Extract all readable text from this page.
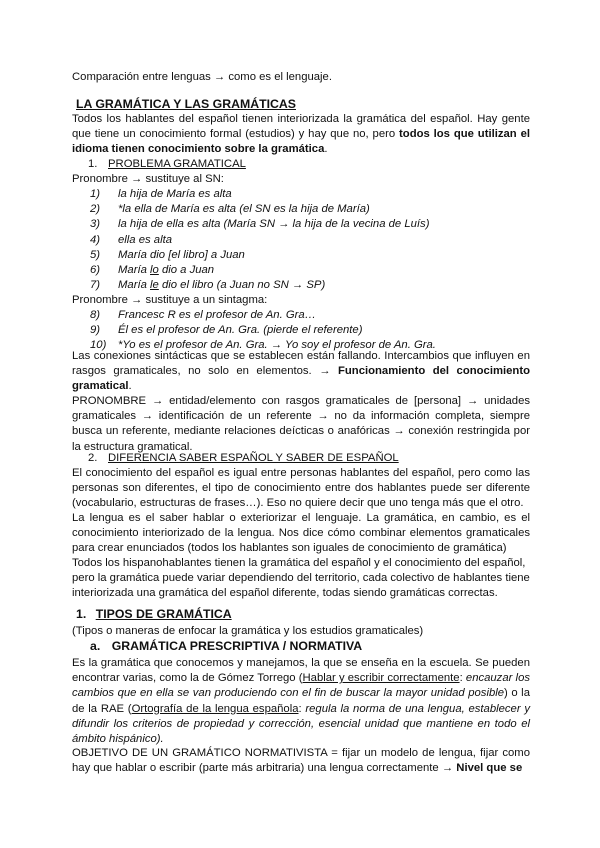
Comparación entre lenguas → como es el lenguaje.
LA GRAMÁTICA Y LAS GRAMÁTICAS
Todos los hablantes del español tienen interiorizada la gramática del español. Hay gente que tiene un conocimiento formal (estudios) y hay que no, pero todos los que utilizan el idioma tienen conocimiento sobre la gramática.
1. PROBLEMA GRAMATICAL
Pronombre → sustituye al SN:
1) la hija de María es alta
2) *la ella de María es alta (el SN es la hija de María)
3) la hija de ella es alta (María SN → la hija de la vecina de Luís)
4) ella es alta
5) María dio [el libro] a Juan
6) María lo dio a Juan
7) María le dio el libro (a Juan no SN → SP)
Pronombre → sustituye a un sintagma:
8) Francesc R es el profesor de An. Gra…
9) Él es el profesor de An. Gra. (pierde el referente)
10) *Yo es el profesor de An. Gra. → Yo soy el profesor de An. Gra.
Las conexiones sintácticas que se establecen están fallando. Intercambios que influyen en rasgos gramaticales, no solo en elementos. → Funcionamiento del conocimiento gramatical.
PRONOMBRE → entidad/elemento con rasgos gramaticales de [persona] → unidades gramaticales → identificación de un referente → no da información completa, siempre busca un referente, mediante relaciones deícticas o anafóricas → conexión restringida por la estructura gramatical.
2. DIFERENCIA SABER ESPAÑOL Y SABER DE ESPAÑOL
El conocimiento del español es igual entre personas hablantes del español, pero como las personas son diferentes, el tipo de conocimiento entre dos hablantes puede ser diferente (vocabulario, estructuras de frases…). Eso no quiere decir que uno tenga más que el otro.
La lengua es el saber hablar o exteriorizar el lenguaje. La gramática, en cambio, es el conocimiento interiorizado de la lengua. Nos dice cómo combinar elementos gramaticales para crear enunciados (todos los hablantes son iguales de conocimiento de gramática)
Todos los hispanohablantes tienen la gramática del español y el conocimiento del español, pero la gramática puede variar dependiendo del territorio, cada colectivo de hablantes tiene interiorizada una gramática del español diferente, todas siendo gramáticas correctas.
1. TIPOS DE GRAMÁTICA
(Tipos o maneras de enfocar la gramática y los estudios gramaticales)
a. GRAMÁTICA PRESCRIPTIVA / NORMATIVA
Es la gramática que conocemos y manejamos, la que se enseña en la escuela. Se pueden encontrar varias, como la de Gómez Torrego (Hablar y escribir correctamente: encauzar los cambios que en ella se van produciendo con el fin de buscar la mayor unidad posible) o la de la RAE (Ortografía de la lengua española: regula la norma de una lengua, establecer y difundir los criterios de propiedad y corrección, esencial unidad que mantiene en todo el ámbito hispánico).
OBJETIVO DE UN GRAMÁTICO NORMATIVISTA = fijar un modelo de lengua, fijar como hay que hablar o escribir (parte más arbitraria) una lengua correctamente → Nivel que se
